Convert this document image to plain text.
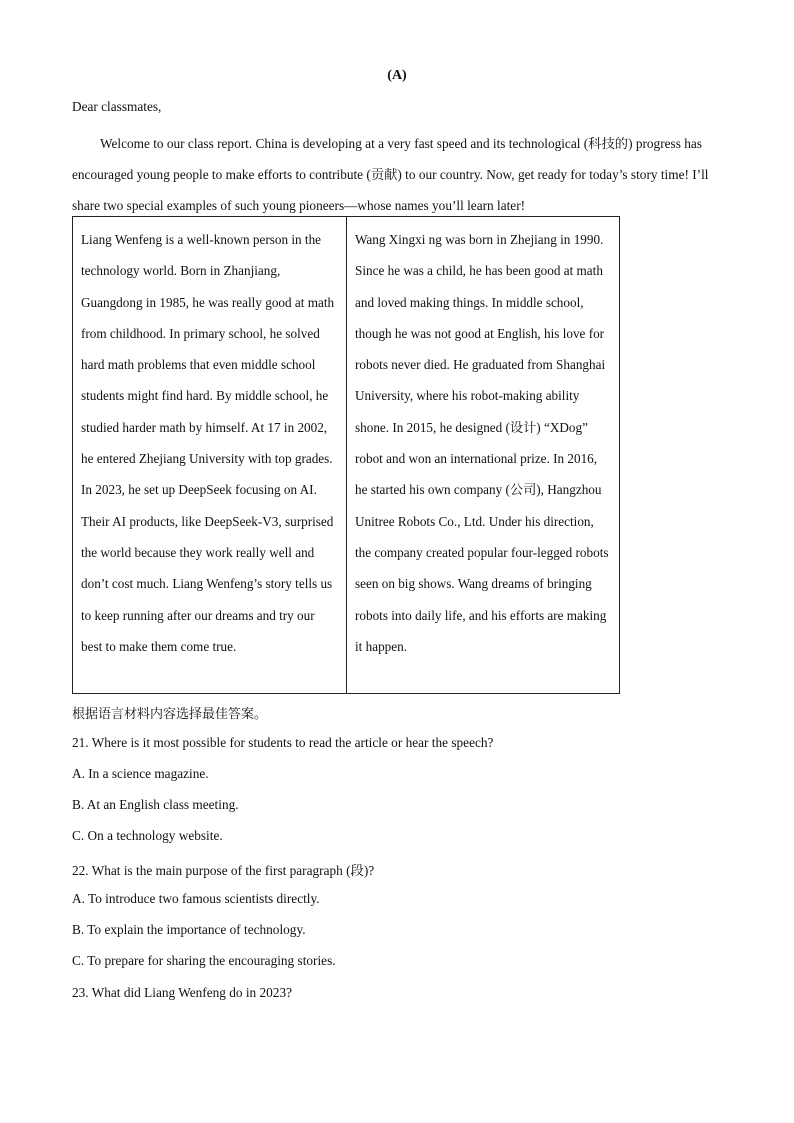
(A)
Dear classmates,
Welcome to our class report. China is developing at a very fast speed and its technological (科技的) progress has encouraged young people to make efforts to contribute (贡献) to our country. Now, get ready for today’s story time! I’ll share two special examples of such young pioneers—whose names you’ll learn later!
Liang Wenfeng is a well-known person in the technology world. Born in Zhanjiang, Guangdong in 1985, he was really good at math from childhood. In primary school, he solved hard math problems that even middle school students might find hard. By middle school, he studied harder math by himself. At 17 in 2002, he entered Zhejiang University with top grades. In 2023, he set up DeepSeek focusing on AI. Their AI products, like DeepSeek-V3, surprised the world because they work really well and don’t cost much. Liang Wenfeng’s story tells us to keep running after our dreams and try our best to make them come true.
Wang Xingxi ng was born in Zhejiang in 1990. Since he was a child, he has been good at math and loved making things. In middle school, though he was not good at English, his love for robots never died. He graduated from Shanghai University, where his robot-making ability shone. In 2015, he designed (设计) “XDog” robot and won an international prize. In 2016, he started his own company (公司), Hangzhou Unitree Robots Co., Ltd. Under his direction, the company created popular four-legged robots seen on big shows. Wang dreams of bringing robots into daily life, and his efforts are making it happen.
根据语言材料内容选择最佳答案。
21. Where is it most possible for students to read the article or hear the speech?
A. In a science magazine.
B. At an English class meeting.
C. On a technology website.
22. What is the main purpose of the first paragraph (段)?
A. To introduce two famous scientists directly.
B. To explain the importance of technology.
C. To prepare for sharing the encouraging stories.
23. What did Liang Wenfeng do in 2023?
